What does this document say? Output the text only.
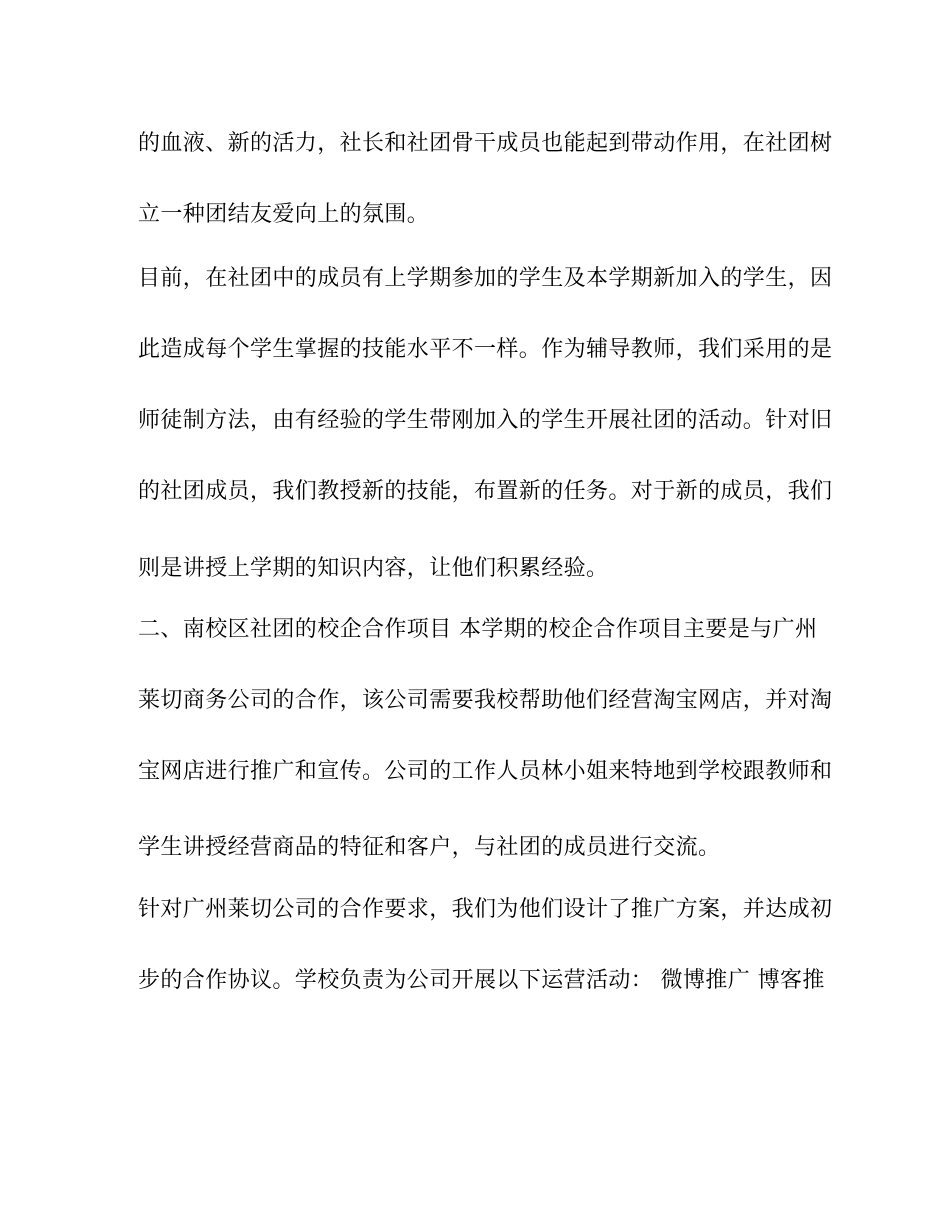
的血液、新的活力，社长和社团骨干成员也能起到带动作用，在社团树
立一种团结友爱向上的氛围。
目前，在社团中的成员有上学期参加的学生及本学期新加入的学生，因
此造成每个学生掌握的技能水平不一样。作为辅导教师，我们采用的是
师徒制方法，由有经验的学生带刚加入的学生开展社团的活动。针对旧
的社团成员，我们教授新的技能，布置新的任务。对于新的成员，我们
则是讲授上学期的知识内容，让他们积累经验。
二、南校区社团的校企合作项目 本学期的校企合作项目主要是与广州
莱切商务公司的合作，该公司需要我校帮助他们经营淘宝网店，并对淘
宝网店进行推广和宣传。公司的工作人员林小姐来特地到学校跟教师和
学生讲授经营商品的特征和客户，与社团的成员进行交流。
针对广州莱切公司的合作要求，我们为他们设计了推广方案，并达成初
步的合作协议。学校负责为公司开展以下运营活动： 微博推广 博客推
